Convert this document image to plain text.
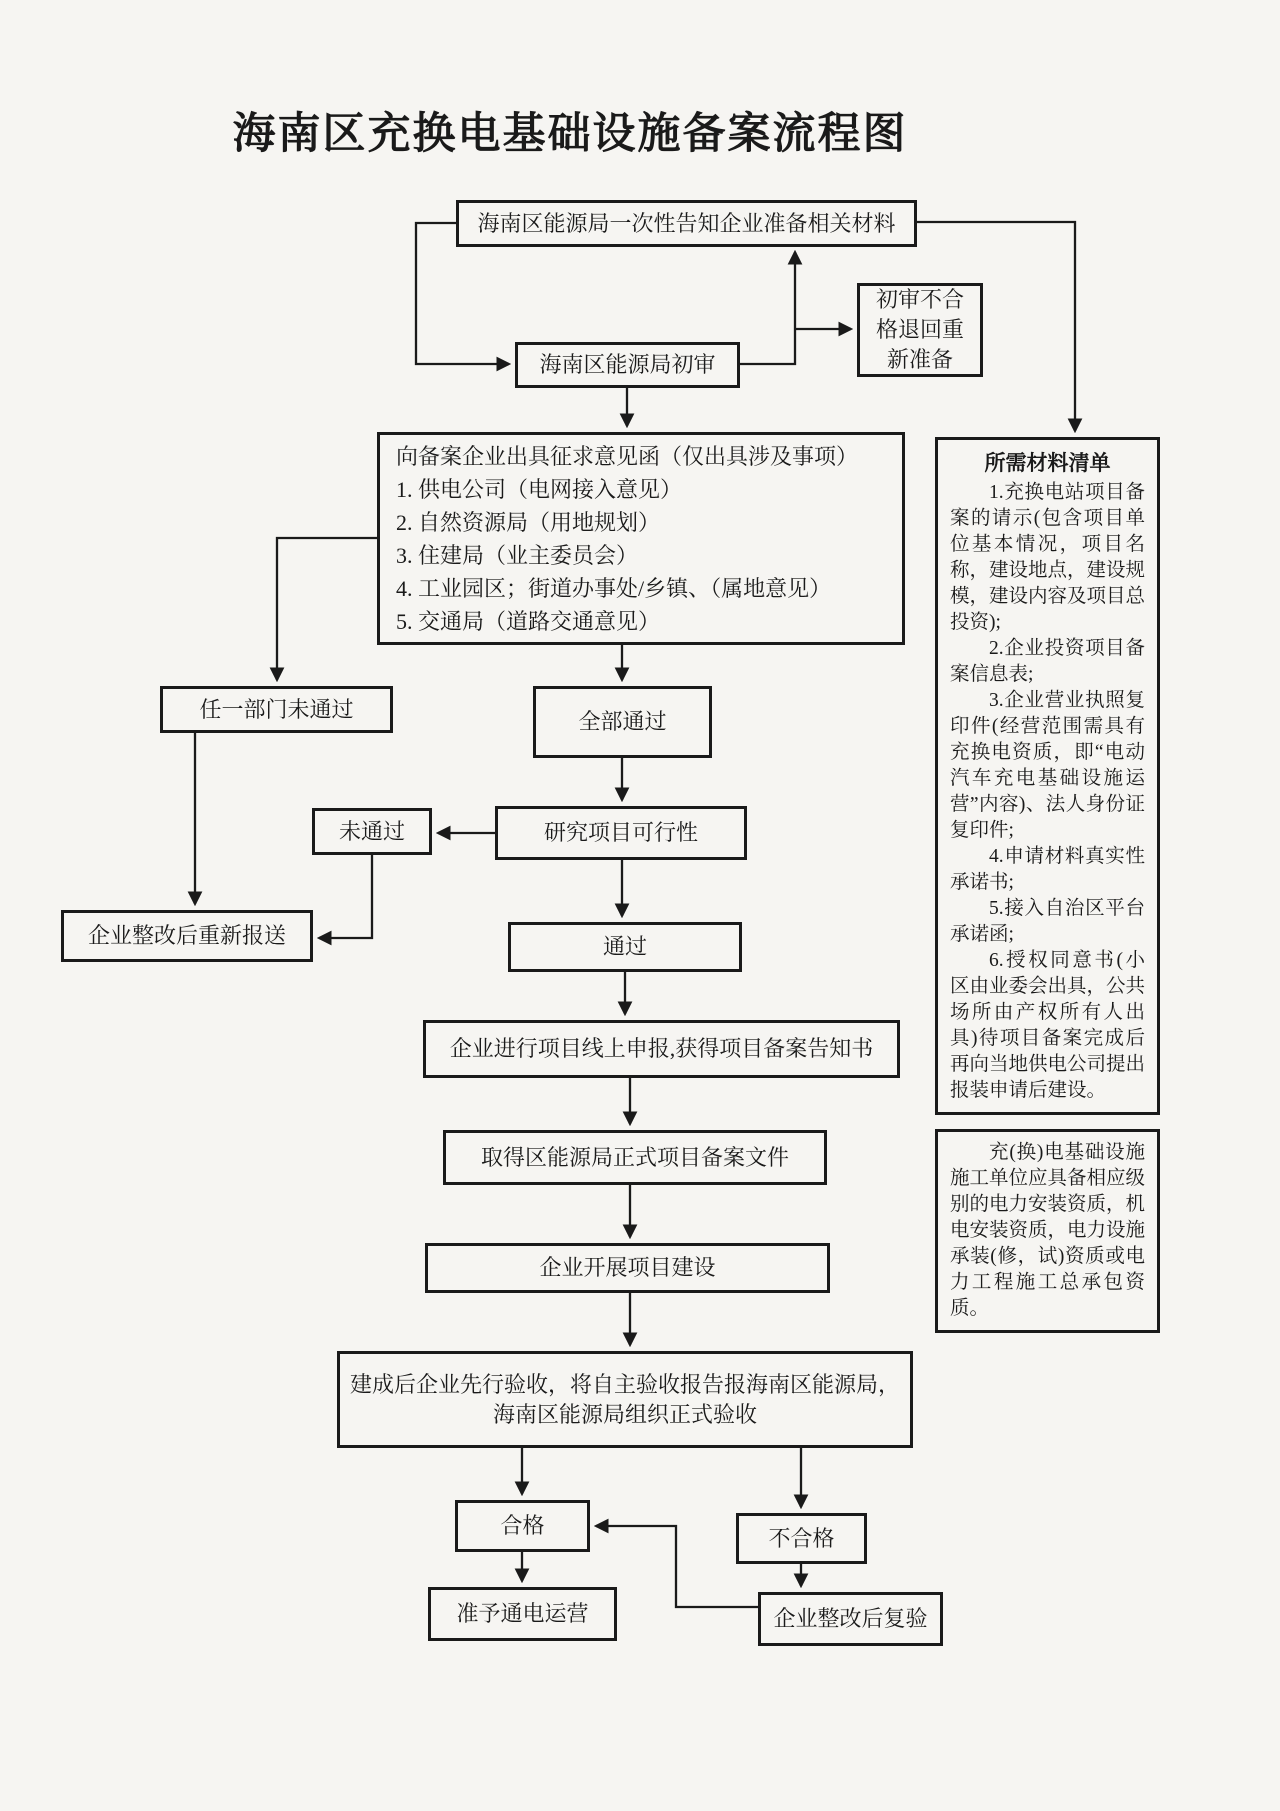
海南区充换电基础设施备案流程图
海南区能源局一次性告知企业准备相关材料
初审不合格退回重新准备
海南区能源局初审
向备案企业出具征求意见函（仅出具涉及事项）
1. 供电公司（电网接入意见）
2. 自然资源局（用地规划）
3. 住建局（业主委员会）
4. 工业园区；街道办事处/乡镇、（属地意见）
5. 交通局（道路交通意见）
任一部门未通过	全部通过
未通过	研究项目可行性
企业整改后重新报送	通过
企业进行项目线上申报,获得项目备案告知书
取得区能源局正式项目备案文件
企业开展项目建设
建成后企业先行验收，将自主验收报告报海南区能源局，
海南区能源局组织正式验收
合格	不合格
准予通电运营	企业整改后复验
所需材料清单

1.充换电站项目备案的请示(包含项目单位基本情况，项目名称，建设地点，建设规模，建设内容及项目总投资);

2.企业投资项目备案信息表;

3.企业营业执照复印件(经营范围需具有充换电资质，即“电动汽车充电基础设施运营”内容)、法人身份证复印件;

4.申请材料真实性承诺书;

5.接入自治区平台承诺函;

6.授权同意书(小区由业委会出具，公共场所由产权所有人出具)待项目备案完成后再向当地供电公司提出报装申请后建设。

充(换)电基础设施施工单位应具备相应级别的电力安装资质，机电安装资质，电力设施承装(修，试)资质或电力工程施工总承包资质。
